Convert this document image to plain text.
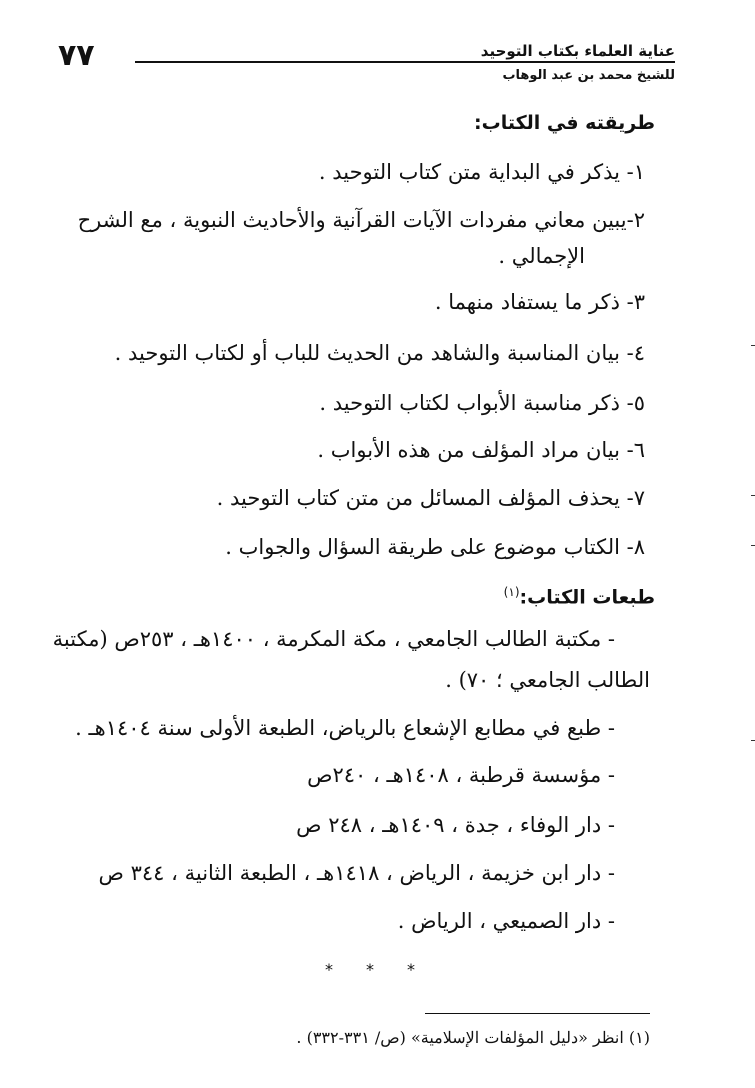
٧٧	عناية العلماء بكتاب التوحيد
للشيخ محمد بن عبد الوهاب
طريقته في الكتاب:
١- يذكر في البداية متن كتاب التوحيد .
٢-يبين معاني مفردات الآيات القرآنية والأحاديث النبوية ، مع الشرح
الإجمالي .
٣- ذكر ما يستفاد منهما .
٤- بيان المناسبة والشاهد من الحديث للباب أو لكتاب التوحيد .
٥- ذكر مناسبة الأبواب لكتاب التوحيد .
٦- بيان مراد المؤلف من هذه الأبواب .
٧- يحذف المؤلف المسائل من متن كتاب التوحيد .
٨- الكتاب موضوع على طريقة السؤال والجواب .
طبعات الكتاب:$^{(١)}$
- مكتبة الطالب الجامعي ، مكة المكرمة ، ١٤٠٠هـ ، ٢٥٣ص (مكتبة
الطالب الجامعي ؛ ٧٠) .
- طبع في مطابع الإشعاع بالرياض، الطبعة الأولى سنة ١٤٠٤هـ .
- مؤسسة قرطبة ، ١٤٠٨هـ ، ٢٤٠ص
- دار الوفاء ، جدة ، ١٤٠٩هـ ، ٢٤٨ ص
- دار ابن خزيمة ، الرياض ، ١٤١٨هـ ، الطبعة الثانية ، ٣٤٤ ص
- دار الصميعي ، الرياض .
* * *
(١) انظر «دليل المؤلفات الإسلامية» (ص/ ٣٣١-٣٣٢) .
